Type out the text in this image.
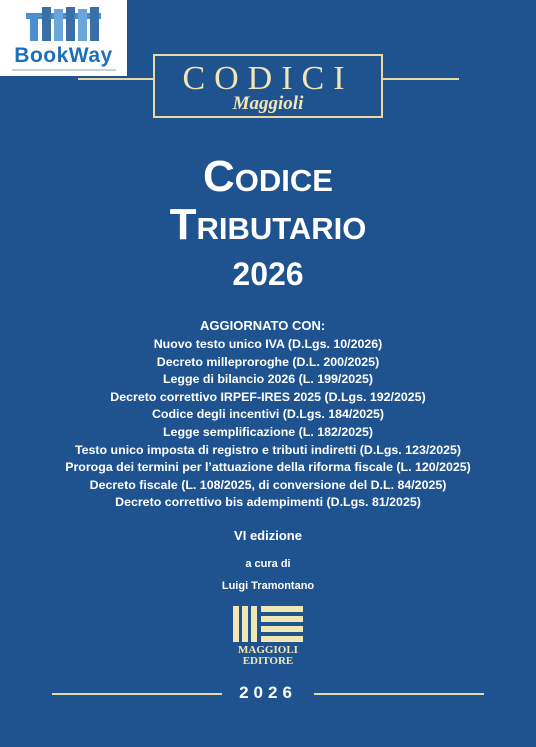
BookWay
CODICI
Maggioli
Codice
Tributario
2026
AGGIORNATO CON:
Nuovo testo unico IVA (D.Lgs. 10/2026)
Decreto milleproroghe (D.L. 200/2025)
Legge di bilancio 2026 (L. 199/2025)
Decreto correttivo IRPEF-IRES 2025 (D.Lgs. 192/2025)
Codice degli incentivi (D.Lgs. 184/2025)
Legge semplificazione (L. 182/2025)
Testo unico imposta di registro e tributi indiretti (D.Lgs. 123/2025)
Proroga dei termini per l’attuazione della riforma fiscale (L. 120/2025)
Decreto fiscale (L. 108/2025, di conversione del D.L. 84/2025)
Decreto correttivo bis adempimenti (D.Lgs. 81/2025)
VI edizione
a cura di
Luigi Tramontano
MAGGIOLI
EDITORE
2026
